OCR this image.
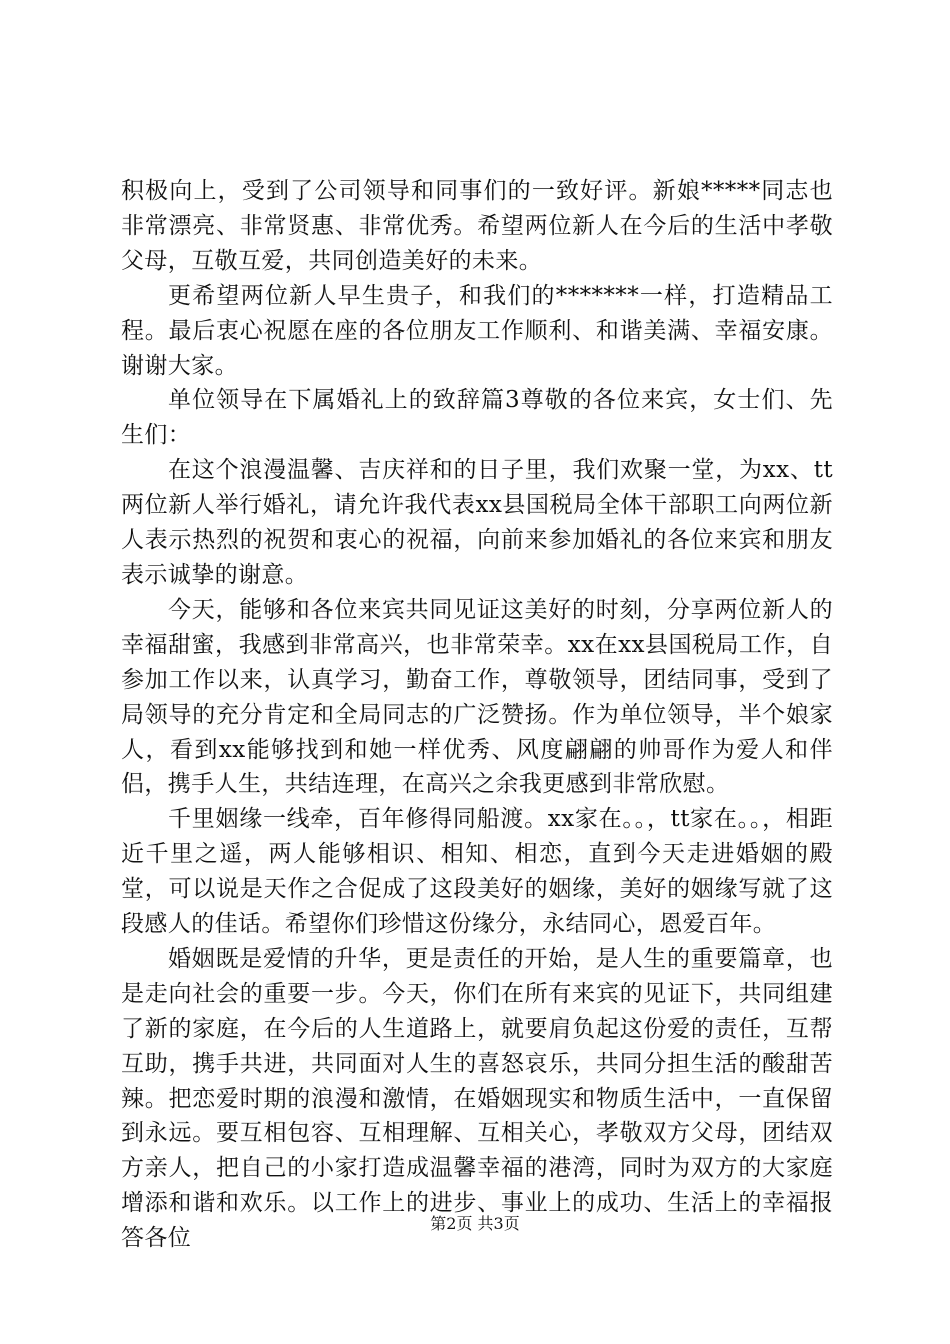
积极向上，受到了公司领导和同事们的一致好评。新娘*****同志也非常漂亮、非常贤惠、非常优秀。希望两位新人在今后的生活中孝敬父母，互敬互爱，共同创造美好的未来。

更希望两位新人早生贵子，和我们的*******一样，打造精品工程。最后衷心祝愿在座的各位朋友工作顺利、和谐美满、幸福安康。谢谢大家。

单位领导在下属婚礼上的致辞篇3尊敬的各位来宾，女士们、先生们：

在这个浪漫温馨、吉庆祥和的日子里，我们欢聚一堂，为xx、tt两位新人举行婚礼，请允许我代表xx县国税局全体干部职工向两位新人表示热烈的祝贺和衷心的祝福，向前来参加婚礼的各位来宾和朋友表示诚挚的谢意。

今天，能够和各位来宾共同见证这美好的时刻，分享两位新人的幸福甜蜜，我感到非常高兴，也非常荣幸。xx在xx县国税局工作，自参加工作以来，认真学习，勤奋工作，尊敬领导，团结同事，受到了局领导的充分肯定和全局同志的广泛赞扬。作为单位领导，半个娘家人，看到xx能够找到和她一样优秀、风度翩翩的帅哥作为爱人和伴侣，携手人生，共结连理，在高兴之余我更感到非常欣慰。

千里姻缘一线牵，百年修得同船渡。xx家在。。，tt家在。。，相距近千里之遥，两人能够相识、相知、相恋，直到今天走进婚姻的殿堂，可以说是天作之合促成了这段美好的姻缘，美好的姻缘写就了这段感人的佳话。希望你们珍惜这份缘分，永结同心，恩爱百年。

婚姻既是爱情的升华，更是责任的开始，是人生的重要篇章，也是走向社会的重要一步。今天，你们在所有来宾的见证下，共同组建了新的家庭，在今后的人生道路上，就要肩负起这份爱的责任，互帮互助，携手共进，共同面对人生的喜怒哀乐，共同分担生活的酸甜苦辣。把恋爱时期的浪漫和激情，在婚姻现实和物质生活中，一直保留到永远。要互相包容、互相理解、互相关心，孝敬双方父母，团结双方亲人，把自己的小家打造成温馨幸福的港湾，同时为双方的大家庭增添和谐和欢乐。以工作上的进步、事业上的成功、生活上的幸福报答各位

第2页 共3页
